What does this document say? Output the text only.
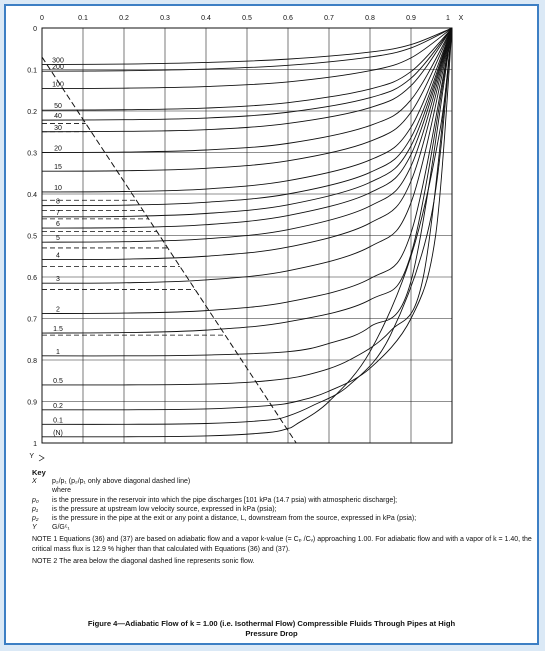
0	0.1	0.2	0.3	0.4	0.5	0.6	0.7	0.8	0.9	1 X
0
0.1
0.2
0.3
0.4
0.5
0.6
0.7
0.8
0.9
1
Y
300
200
100
50
40
30
20
15
10
8
7
6
5
4
3
2
1.5
1
0.5
0.2
0.1
(N)
Key
X	p₂/p₁ (p₂/p₁ only above diagonal dashed line)
where
p₀	is the pressure in the reservoir into which the pipe discharges [101 kPa (14.7 psia) with atmospheric discharge];
p₁	is the pressure at upstream low velocity source, expressed in kPa (psia);
p₂	is the pressure in the pipe at the exit or any point a distance, L, downstream from the source, expressed in kPa (psia);
Y	G/Gᶜ₁
NOTE 1 Equations (36) and (37) are based on adiabatic flow and a vapor k-value (= Cₚ /Cᵥ) approaching 1.00. For adiabatic flow and with a vapor of k = 1.40, the critical mass flux is 12.9 % higher than that calculated with Equations (36) and (37).
NOTE 2 The area below the diagonal dashed line represents sonic flow.
Figure 4—Adiabatic Flow of k = 1.00 (i.e. Isothermal Flow) Compressible Fluids Through Pipes at High
Pressure Drop
